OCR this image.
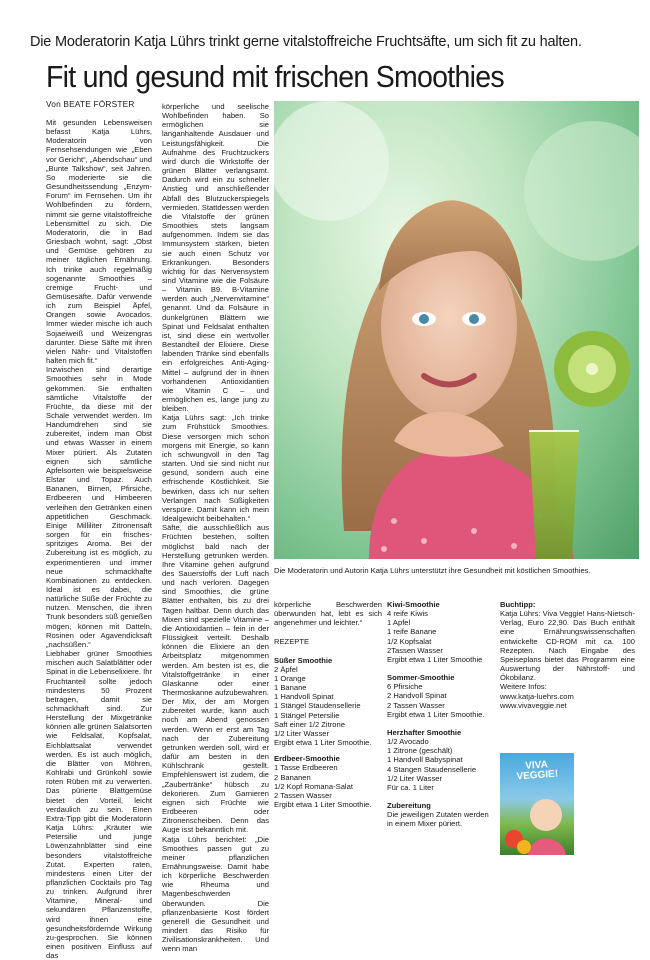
Die Moderatorin Katja Lührs trinkt gerne vitalstoffreiche Fruchtsäfte, um sich fit zu halten.
Fit und gesund mit frischen Smoothies
Von BEATE FÖRSTER

Mit gesunden Lebensweisen befasst Katja Lührs, Moderatorin von Fernsehsendungen wie „Eben vor Gericht“, „Abendschau“ und „Bunte Talkshow“, seit Jahren. So moderierte sie die Gesundheitssendung „Enzym-Forum“ im Fernsehen. Um ihr Wohlbefinden zu fördern, nimmt sie gerne vitalstoffreiche Lebensmittel zu sich. Die Moderatorin, die in Bad Griesbach wohnt, sagt: „Obst und Gemüse gehören zu meiner täglichen Ernährung. Ich trinke auch regelmäßig sogenannte Smoothies – cremige Frucht- und Gemüsesäfte. Dafür verwende ich zum Beispiel Äpfel, Orangen sowie Avocados. Immer wieder mische ich auch Sojaeiweiß und Weizengras darunter. Diese Säfte mit ihren vielen Nähr- und Vitalstoffen halten mich fit.“

Inzwischen sind derartige Smoothies sehr in Mode gekommen. Sie enthalten sämtliche Vitalstoffe der Früchte, da diese mit der Schale verwendet werden. Im Handumdrehen sind sie zubereitet, indem man Obst und etwas Wasser in einem Mixer püriert. Als Zutaten eignen sich sämtliche Apfelsorten wie beispielsweise Elstar und Topaz. Auch Bananen, Birnen, Pfirsiche, Erdbeeren und Himbeeren verleihen den Getränken einen appetitlichen Geschmack. Einige Milliliter Zitronensaft sorgen für ein frisches-spritziges Aroma. Bei der Zubereitung ist es möglich, zu experimentieren und immer neue schmackhafte Kombinationen zu entdecken. Ideal ist es dabei, die natürliche Süße der Früchte zu nutzen. Menschen, die ihren Trunk besonders süß genießen mögen, können mit Datteln, Rosinen oder Agavendicksaft „nachsüßen.“

Liebhaber grüner Smoothies mischen auch Salatblätter oder Spinat in die Lebenselixiere. Ihr Fruchtanteil sollte jedoch mindestens 50 Prozent betragen, damit sie schmackhaft sind. Zur Herstellung der Mixgetränke können alle grünen Salatsorten wie Feldsalat, Kopfsalat, Eichblattsalat verwendet werden. Es ist auch möglich, die Blätter von Möhren, Kohlrabi und Grünkohl sowie roten Rüben mit zu verwerten. Das pürierte Blattgemüse bietet den Vorteil, leicht verdaulich zu sein. Einen Extra-Tipp gibt die Moderatorin Katja Lührs: „Kräuter wie Petersilie und junge Löwenzahnblätter sind eine besonders vitalstoffreiche Zutat. Experten raten, mindestens einen Liter der pflanzlichen Cocktails pro Tag zu trinken. Aufgrund ihrer Vitamine, Mineral- und sekundären Pflanzenstoffe, wird ihnen eine gesundheitsfördernde Wirkung zu-gesprochen. Sie können einen positiven Einfluss auf das

körperliche und seelische Wohlbefinden haben. So ermöglichen sie langanhaltende Ausdauer und Leistungsfähigkeit. Die Aufnahme des Fruchtzuckers wird durch die Wirkstoffe der grünen Blätter verlangsamt. Dadurch wird ein zu schneller Anstieg und anschließender Abfall des Blutzuckerspiegels vermieden. Stattdessen werden die Vitalstoffe der grünen Smoothies stets langsam aufgenommen. Indem sie das Immunsystem stärken, bieten sie auch einen Schutz vor Erkrankungen. Besonders wichtig für das Nervensystem sind Vitamine wie die Folsäure – Vitamin B9. B-Vitamine werden auch „Nervenvitamine“ genannt. Und da Folsäure in dunkelgrünen Blättern wie Spinat und Feldsalat enthalten ist, sind diese ein wertvoller Bestandteil der Elixiere. Diese labenden Tränke sind ebenfalls ein erfolgreiches Anti-Aging- Mittel – aufgrund der in ihnen vorhandenen Antioxidantien wie Vitamin C – und ermöglichen es, lange jung zu bleiben.

Katja Lührs sagt: „Ich trinke zum Frühstück Smoothies. Diese versorgen mich schon morgens mit Energie, so kann ich schwungvoll in den Tag starten. Und sie sind nicht nur gesund, sondern auch eine erfrischende Köstlichkeit. Sie bewirken, dass ich nur selten Verlangen nach Süßigkeiten verspüre. Damit kann ich mein Idealgewicht beibehalten.“

Säfte, die ausschließlich aus Früchten bestehen, sollten möglichst bald nach der Herstellung getrunken werden. Ihre Vitamine gehen aufgrund des Sauerstoffs der Luft nach und nach verloren. Dagegen sind Smoothies, die grüne Blätter enthalten, bis zu drei Tagen haltbar. Denn durch das Mixen sind spezielle Vitamine – die Antioxidantien – fein in der Flüssigkeit verteilt. Deshalb können die Elixiere an den Arbeitsplatz mitgenommen werden. Am besten ist es, die Vitalstoffgetränke in einer Glaskanne oder einer Thermoskanne aufzubewahren. Der Mix, der am Morgen zubereitet wurde, kann auch noch am Abend genossen werden. Wenn er erst am Tag nach der Zubereitung getrunken werden soll, wird er dafür am besten in den Kühlschrank gestellt. Empfehlenswert ist zudem, die „Zaubertränke“ hübsch zu dekorieren. Zum Garnieren eignen sich Früchte wie Erdbeeren oder Zitronenscheiben. Denn das Auge isst bekanntlich mit.

Katja Lührs berichtet: „Die Smoothies passen gut zu meiner pflanzlichen Ernährungsweise. Damit habe ich körperliche Beschwerden wie Rheuma und Magenbeschwerden überwunden. Die pflanzenbasierte Kost fördert generell die Gesundheit und mindert das Risiko für Zivilisationskrankheiten. Und wenn man

Die Moderatorin und Autorin Katja Lührs unterstützt ihre Gesundheit mit köstlichen Smoothies.
körperliche Beschwerden überwunden hat, lebt es sich angenehmer und leichter.“
REZEPTE
Süßer Smoothie
2 Äpfel
1 Orange
1 Banane
1 Handvoll Spinat
1 Stängel Staudensellerie
1 Stängel Petersilie
Saft einer 1/2 Zitrone
1/2 Liter Wasser
Ergibt etwa 1 Liter Smoothie.
Erdbeer-Smoothie
1 Tasse Erdbeeren
2 Bananen
1/2 Kopf Romana-Salat
2 Tassen Wasser
Ergibt etwa 1 Liter Smoothie.
Kiwi-Smoothie
4 reife Kiwis
1 Apfel
1 reife Banane
1/2 Kopfsalat
2Tassen Wasser
Ergibt etwa 1 Liter Smoothie
Sommer-Smoothie
6 Pfirsiche
2 Handvoll Spinat
2 Tassen Wasser
Ergibt etwa 1 Liter Smoothie.
Herzhafter Smoothie
1/2 Avocado
1 Zitrone (geschält)
1 Handvoll Babyspinat
4 Stangen Staudensellerie
1/2 Liter Wasser
Für ca. 1 Liter
Zubereitung
Die jeweiligen Zutaten werden
in einem Mixer püriert.
Buchtipp:
Katja Lührs: Viva Veggie! Hans-Nietsch-Verlag, Euro 22,90. Das Buch enthält eine Ernährungswissenschaften entwickelte CD-ROM mit ca. 100 Rezepten. Nach Eingabe des Speiseplans bietet das Programm eine Auswertung der Nährstoff- und Ökobilanz.
Weitere Infos:
www.katja-luehrs.com
www.vivaveggie.net
VIVA VEGGIE!
